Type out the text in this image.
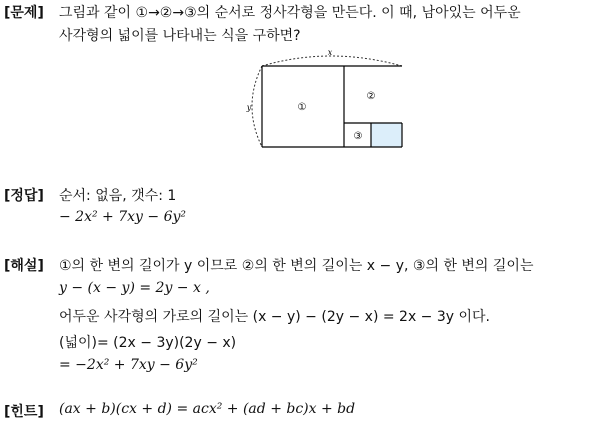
[문제] 그림과 같이 ①→②→③의 순서로 정사각형을 만든다. 이 때, 남아있는 어두운
사각형의 넓이를 나타내는 식을 구하면?
x
y	①
②
③
[정답] 순서: 없음, 갯수: 1
− 2x² + 7xy − 6y²
[해설] ①의 한 변의 길이가 y 이므로 ②의 한 변의 길이는 x − y, ③의 한 변의 길이는
y − (x − y) = 2y − x ,
어두운 사각형의 가로의 길이는 (x − y) − (2y − x) = 2x − 3y 이다.
(넓이)= (2x − 3y)(2y − x)
= −2x² + 7xy − 6y²
[힌트] (ax + b)(cx + d) = acx² + (ad + bc)x + bd
